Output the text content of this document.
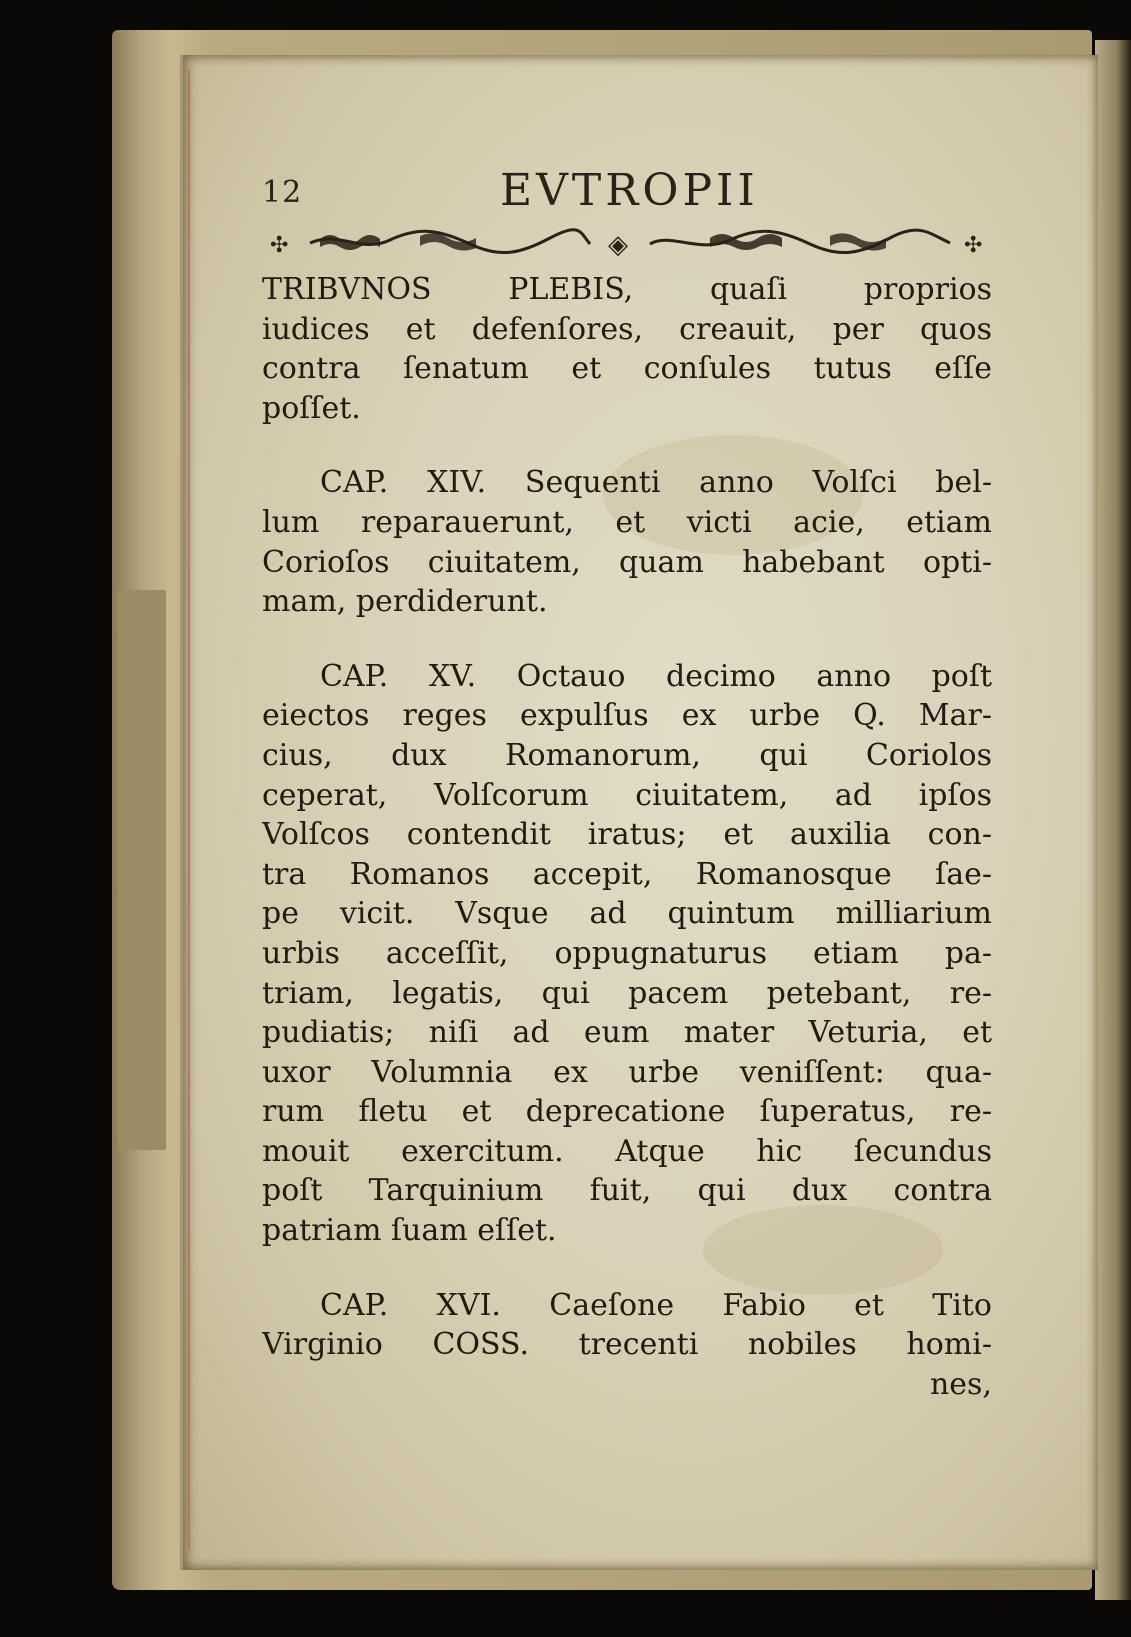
12	EVTROPII
✣	◈	✣
TRIBVNOS PLEBIS, quaſi proprios
iudices et defenſores, creauit, per quos
contra ſenatum et conſules tutus eſſe
poſſet.
CAP. XIV. Sequenti anno Volſci bel-
lum reparauerunt, et victi acie, etiam
Corioſos ciuitatem, quam habebant opti-
mam, perdiderunt.
CAP. XV. Octauo decimo anno poſt
eiectos reges expulſus ex urbe Q. Mar-
cius, dux Romanorum, qui Coriolos
ceperat, Volſcorum ciuitatem, ad ipſos
Volſcos contendit iratus; et auxilia con-
tra Romanos accepit, Romanosque ſae-
pe vicit. Vsque ad quintum milliarium
urbis acceſſit, oppugnaturus etiam pa-
triam, legatis, qui pacem petebant, re-
pudiatis; niſi ad eum mater Veturia, et
uxor Volumnia ex urbe veniſſent: qua-
rum fletu et deprecatione ſuperatus, re-
mouit exercitum. Atque hic ſecundus
poſt Tarquinium fuit, qui dux contra
patriam ſuam eſſet.
CAP. XVI. Caeſone Fabio et Tito
Virginio COSS. trecenti nobiles homi-
nes,
